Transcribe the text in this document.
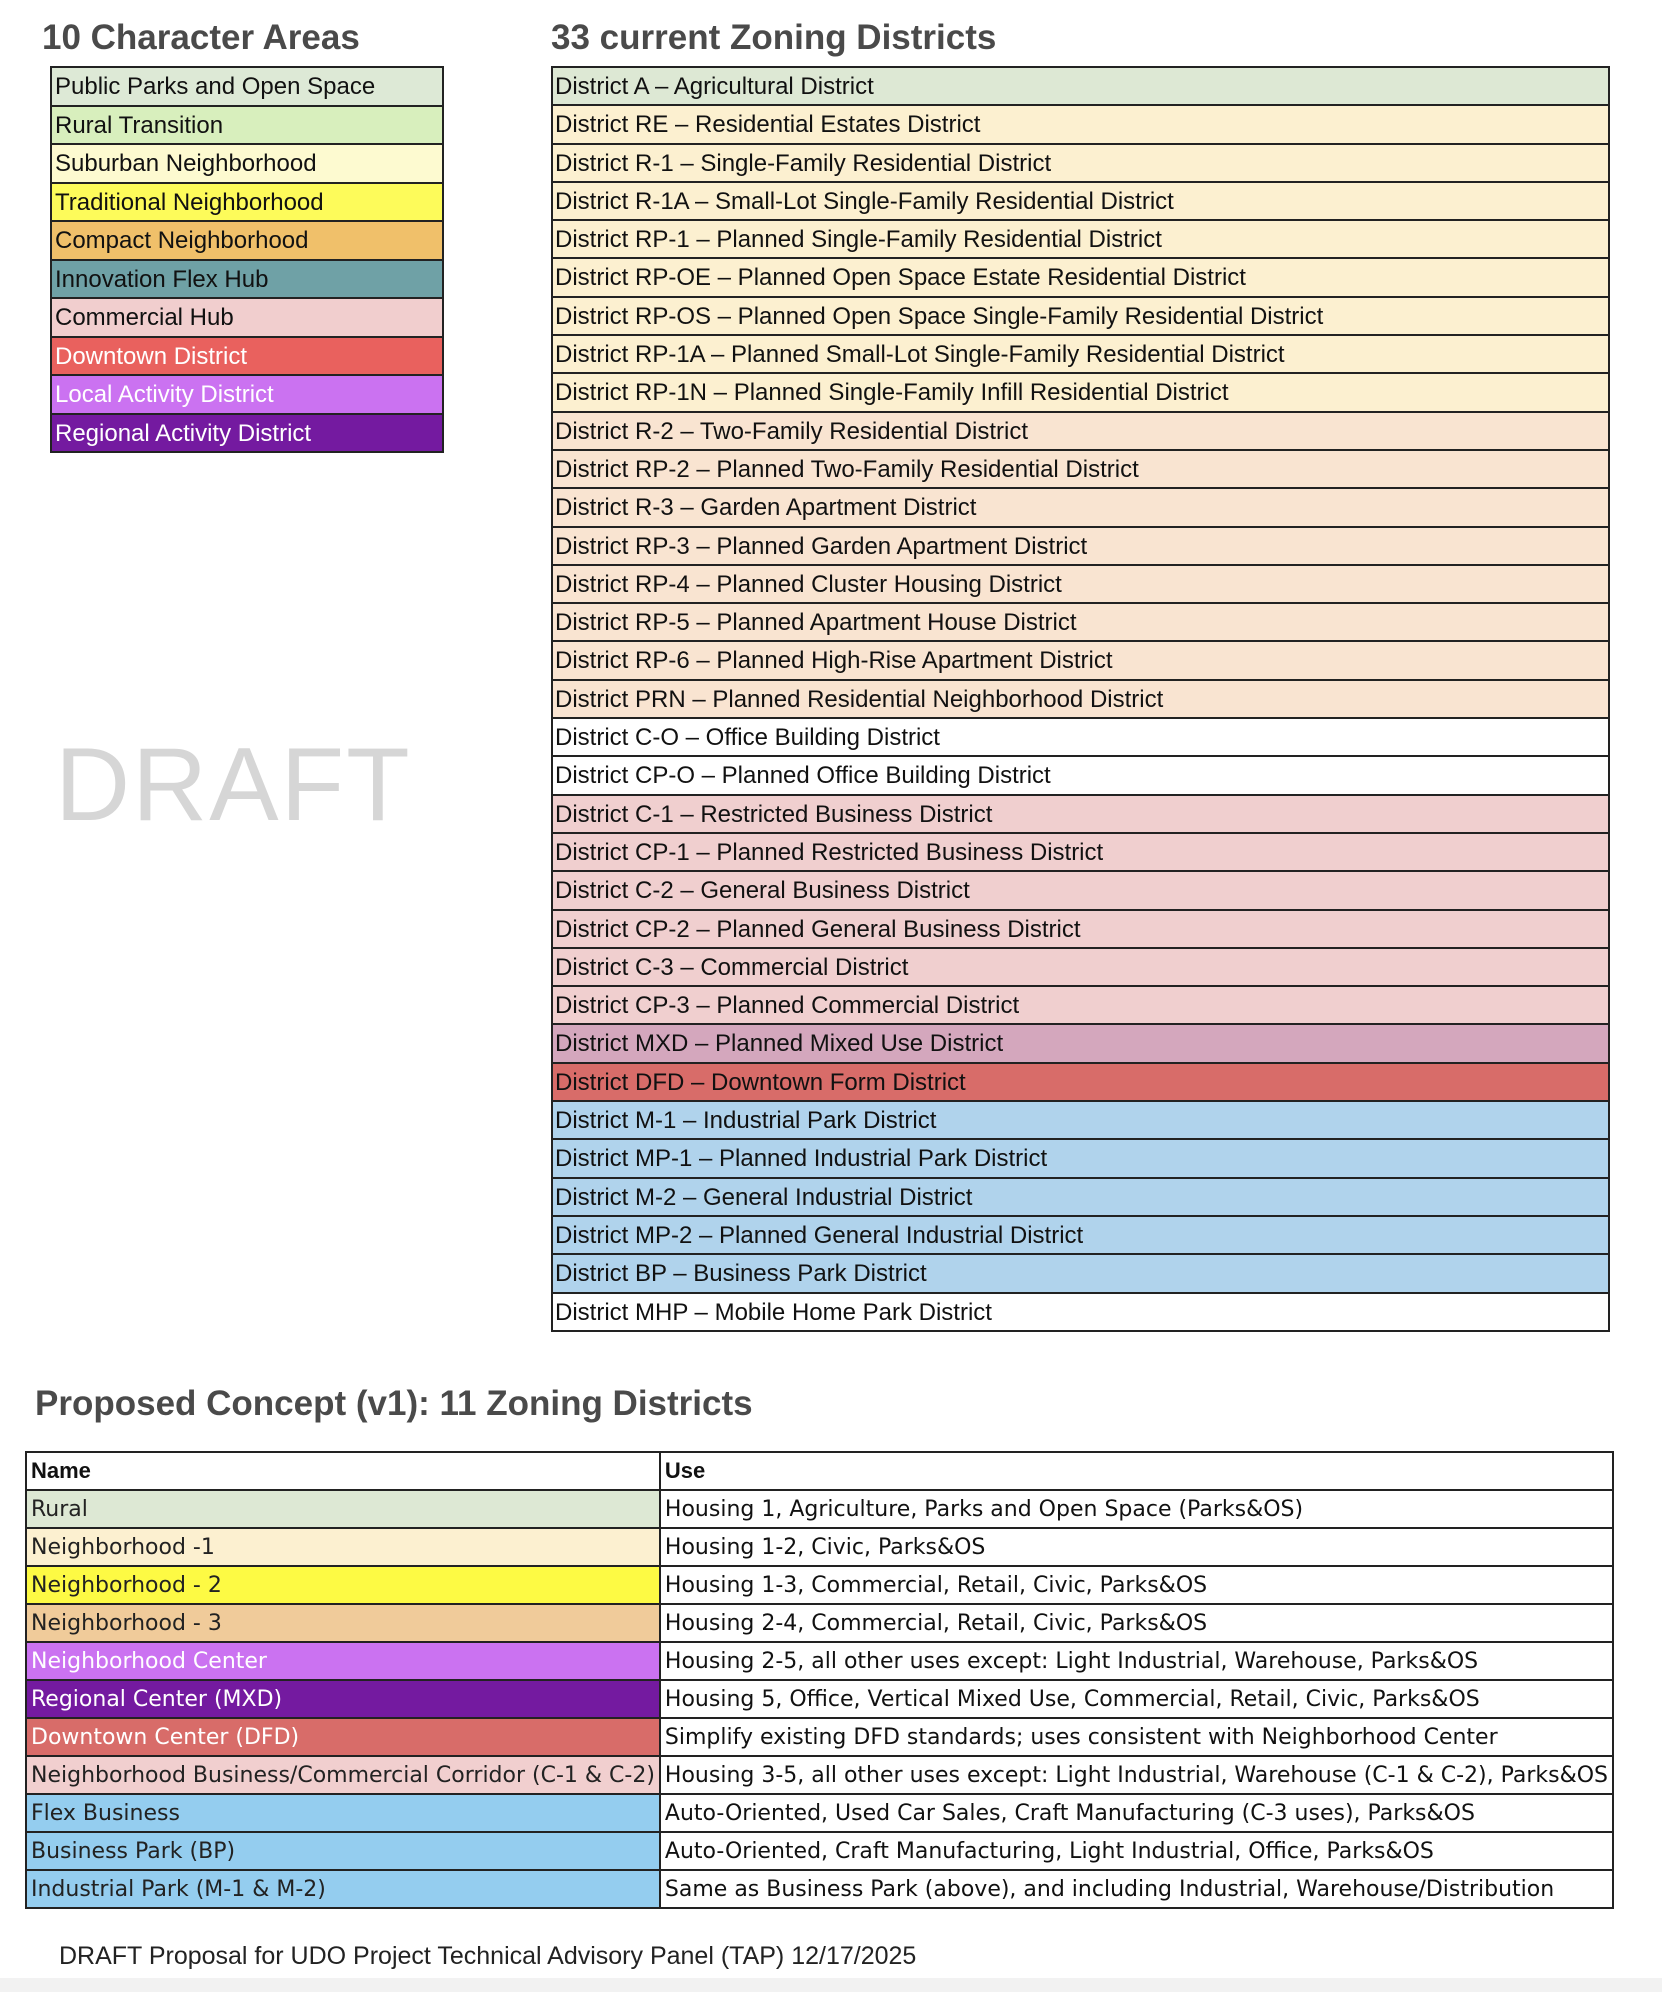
10 Character Areas
Public Parks and Open Space
Rural Transition
Suburban Neighborhood
Traditional Neighborhood
Compact Neighborhood
Innovation Flex Hub
Commercial Hub
Downtown District
Local Activity District
Regional Activity District
33 current Zoning Districts
District A – Agricultural District
District RE – Residential Estates District
District R-1 – Single-Family Residential District
District R-1A – Small-Lot Single-Family Residential District
District RP-1 – Planned Single-Family Residential District
District RP-OE – Planned Open Space Estate Residential District
District RP-OS – Planned Open Space Single-Family Residential District
District RP-1A – Planned Small-Lot Single-Family Residential District
District RP-1N – Planned Single-Family Infill Residential District
District R-2 – Two-Family Residential District
District RP-2 – Planned Two-Family Residential District
District R-3 – Garden Apartment District
District RP-3 – Planned Garden Apartment District
District RP-4 – Planned Cluster Housing District
District RP-5 – Planned Apartment House District
District RP-6 – Planned High-Rise Apartment District
District PRN – Planned Residential Neighborhood District
District C-O – Office Building District
District CP-O – Planned Office Building District
District C-1 – Restricted Business District
District CP-1 – Planned Restricted Business District
District C-2 – General Business District
District CP-2 – Planned General Business District
District C-3 – Commercial District
District CP-3 – Planned Commercial District
District MXD – Planned Mixed Use District
District DFD – Downtown Form District
District M-1 – Industrial Park District
District MP-1 – Planned Industrial Park District
District M-2 – General Industrial District
District MP-2 – Planned General Industrial District
District BP – Business Park District
District MHP – Mobile Home Park District
DRAFT
Proposed Concept (v1): 11 Zoning Districts
Name	Use
Rural	Housing 1, Agriculture, Parks and Open Space (Parks&OS)
Neighborhood -1	Housing 1-2, Civic, Parks&OS
Neighborhood - 2	Housing 1-3, Commercial, Retail, Civic, Parks&OS
Neighborhood - 3	Housing 2-4, Commercial, Retail, Civic, Parks&OS
Neighborhood Center	Housing 2-5, all other uses except: Light Industrial, Warehouse, Parks&OS
Regional Center (MXD)	Housing 5, Office, Vertical Mixed Use, Commercial, Retail, Civic, Parks&OS
Downtown Center (DFD)	Simplify existing DFD standards; uses consistent with Neighborhood Center
Neighborhood Business/Commercial Corridor (C-1 & C-2)	Housing 3-5, all other uses except: Light Industrial, Warehouse (C-1 & C-2), Parks&OS
Flex Business	Auto-Oriented, Used Car Sales, Craft Manufacturing (C-3 uses), Parks&OS
Business Park (BP)	Auto-Oriented, Craft Manufacturing, Light Industrial, Office, Parks&OS
Industrial Park (M-1 & M-2)	Same as Business Park (above), and including Industrial, Warehouse/Distribution
DRAFT Proposal for UDO Project Technical Advisory Panel (TAP) 12/17/2025
